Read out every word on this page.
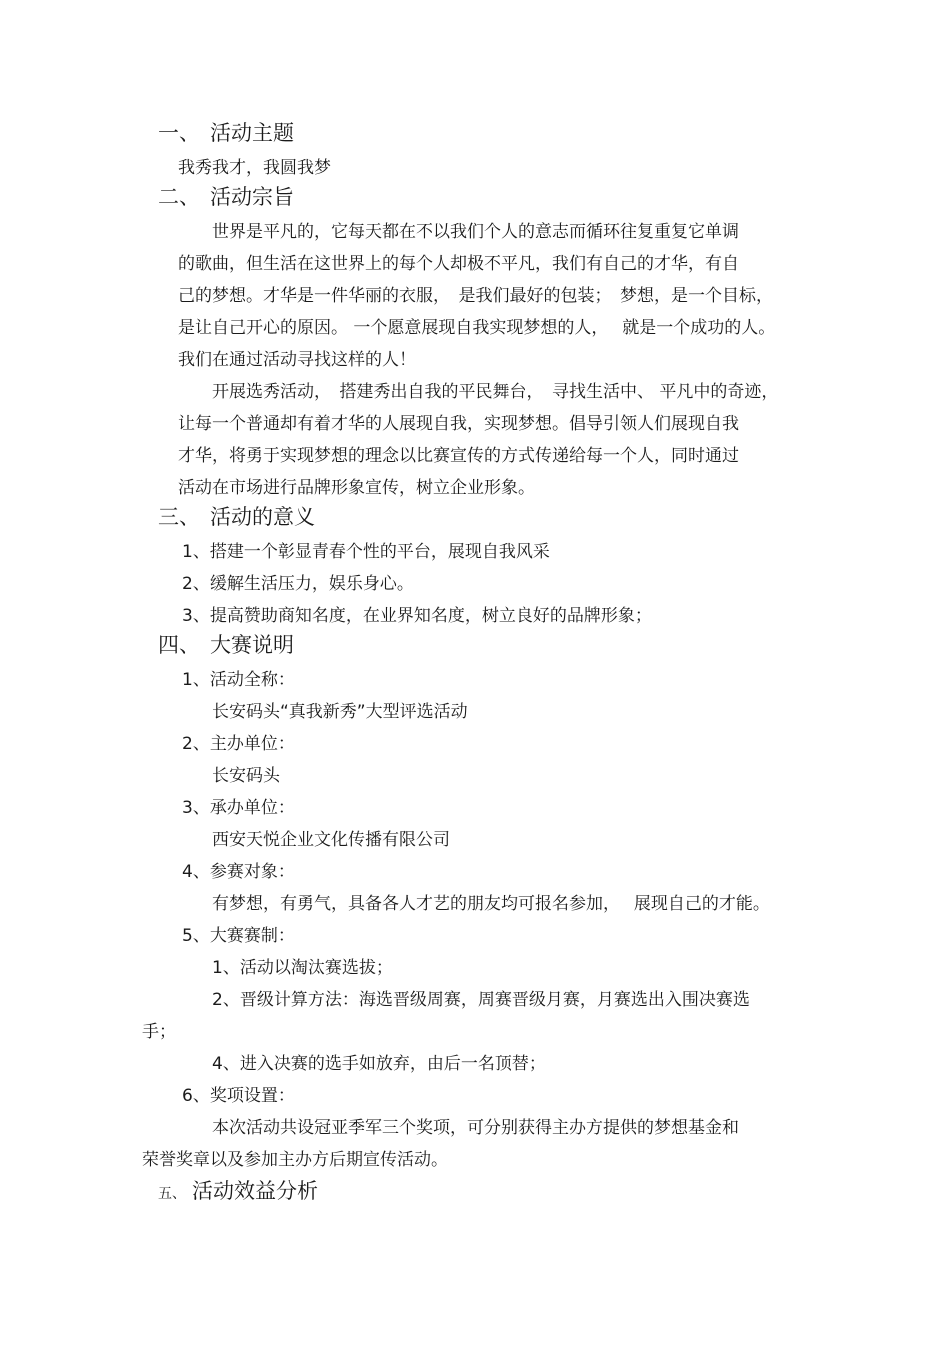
一、 活动主题
我秀我才，我圆我梦
二、 活动宗旨
世界是平凡的，它每天都在不以我们个人的意志而循环往复重复它单调
的歌曲，但生活在这世界上的每个人却极不平凡，我们有自己的才华，有自
己的梦想。才华是一件华丽的衣服，　是我们最好的包装；　梦想，是一个目标，
是让自己开心的原因。 一个愿意展现自我实现梦想的人，　 就是一个成功的人。
我们在通过活动寻找这样的人！
开展选秀活动，　搭建秀出自我的平民舞台，　寻找生活中、 平凡中的奇迹，
让每一个普通却有着才华的人展现自我，实现梦想。倡导引领人们展现自我
才华，将勇于实现梦想的理念以比赛宣传的方式传递给每一个人，同时通过
活动在市场进行品牌形象宣传，树立企业形象。
三、 活动的意义
1、搭建一个彰显青春个性的平台，展现自我风采
2、缓解生活压力，娱乐身心。
3、提高赞助商知名度，在业界知名度，树立良好的品牌形象；
四、 大赛说明
1、活动全称：
长安码头“真我新秀”大型评选活动
2、主办单位：
长安码头
3、承办单位：
西安天悦企业文化传播有限公司
4、参赛对象：
有梦想，有勇气，具备各人才艺的朋友均可报名参加，　 展现自己的才能。
5、大赛赛制：
1、活动以淘汰赛选拔；
2、晋级计算方法：海选晋级周赛，周赛晋级月赛，月赛选出入围决赛选
手；
4、进入决赛的选手如放弃，由后一名顶替；
6、奖项设置：
本次活动共设冠亚季军三个奖项，可分别获得主办方提供的梦想基金和
荣誉奖章以及参加主办方后期宣传活动。
五、 活动效益分析
